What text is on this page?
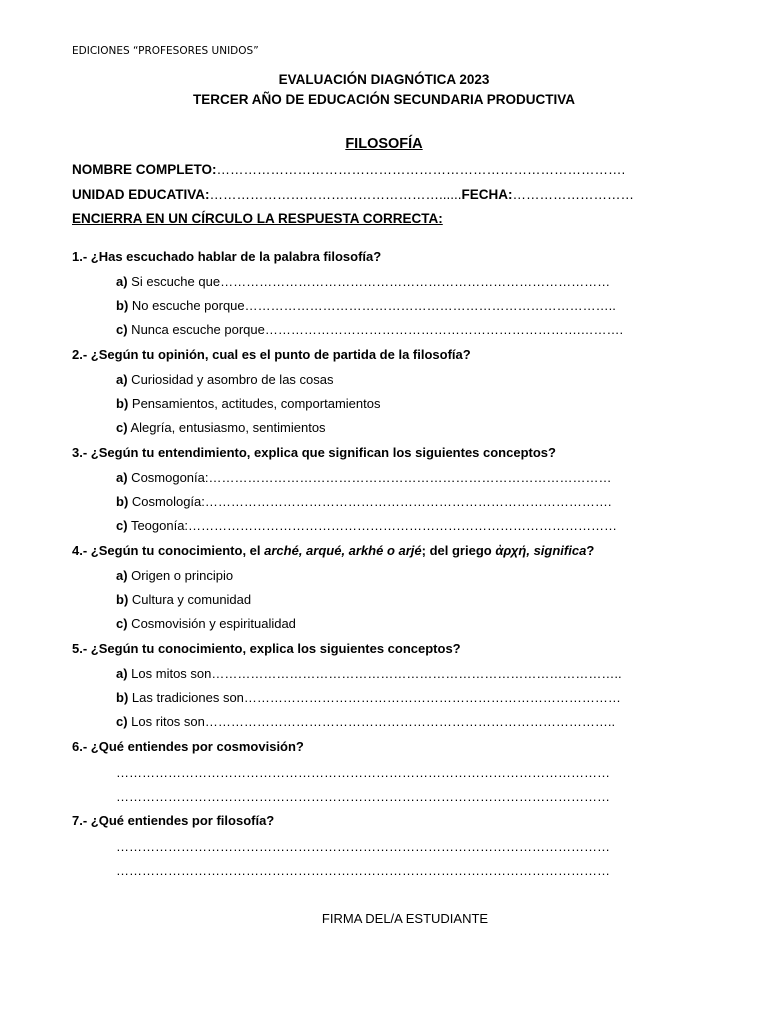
EDICIONES “PROFESORES UNIDOS”
EVALUACIÓN DIAGNÓTICA 2023
TERCER AÑO DE EDUCACIÓN SECUNDARIA PRODUCTIVA
FILOSOFÍA
NOMBRE COMPLETO:……………………………………………………………………………….
UNIDAD EDUCATIVA:……………………………………………......FECHA:………………………
ENCIERRA EN UN CÍRCULO LA RESPUESTA CORRECTA:
1.- ¿Has escuchado hablar de la palabra filosofía?
a) Si escuche que………………………………………………………………………………
b) No escuche porque…………………………………………………………………………..
c) Nunca escuche porque……………………………………………………………….……….
2.- ¿Según tu opinión, cual es el punto de partida de la filosofía?
a) Curiosidad y asombro de las cosas
b) Pensamientos, actitudes, comportamientos
c) Alegría, entusiasmo, sentimientos
3.- ¿Según tu entendimiento, explica que significan los siguientes conceptos?
a) Cosmogonía:…………………………………………………………………………………
b) Cosmología:………………………………………………………………………………….
c) Teogonía:………………………………………………………………………………………
4.- ¿Según tu conocimiento, el arché, arqué, arkhé o arjé; del griego ἀρχή, significa?
a) Origen o principio
b) Cultura y comunidad
c) Cosmovisión y espiritualidad
5.- ¿Según tu conocimiento, explica los siguientes conceptos?
a) Los mitos son…………………………………………………………………………………..
b) Las tradiciones son……………………………………………………………………………
c) Los ritos son…………………………………………………………………………………..
6.- ¿Qué entiendes por cosmovisión?
……………………………………………………………………………………………………
……………………………………………………………………………………………………
7.- ¿Qué entiendes por filosofía?
……………………………………………………………………………………………………
……………………………………………………………………………………………………
FIRMA DEL/A ESTUDIANTE
